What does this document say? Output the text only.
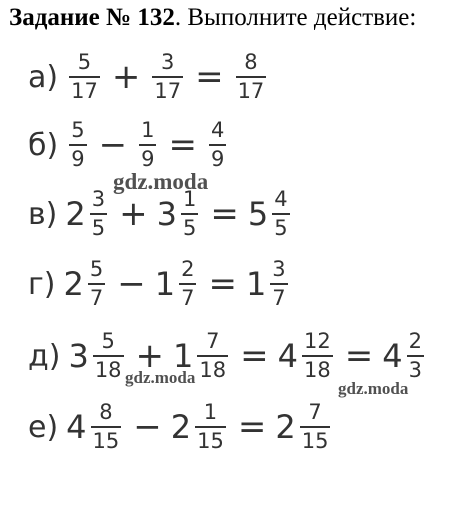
Задание № 132. Выполните действие:
$а) \frac{5}{17} + \frac{3}{17} = \frac{8}{17}$
$б) \frac{5}{9} - \frac{1}{9} = \frac{4}{9}$
в) $2 \frac{3}{5} + 3 \frac{1}{5} = 5 \frac{4}{5}$
г) $2 \frac{5}{7} - 1 \frac{2}{7} = 1 \frac{3}{7}$
д) $3 \frac{5}{18} + 1 \frac{7}{18} = 4 \frac{12}{18} = 4 \frac{2}{3}$
е) $4 \frac{8}{15} - 2 \frac{1}{15} = 2 \frac{7}{15}$
gdz.moda
gdz.moda
gdz.moda
